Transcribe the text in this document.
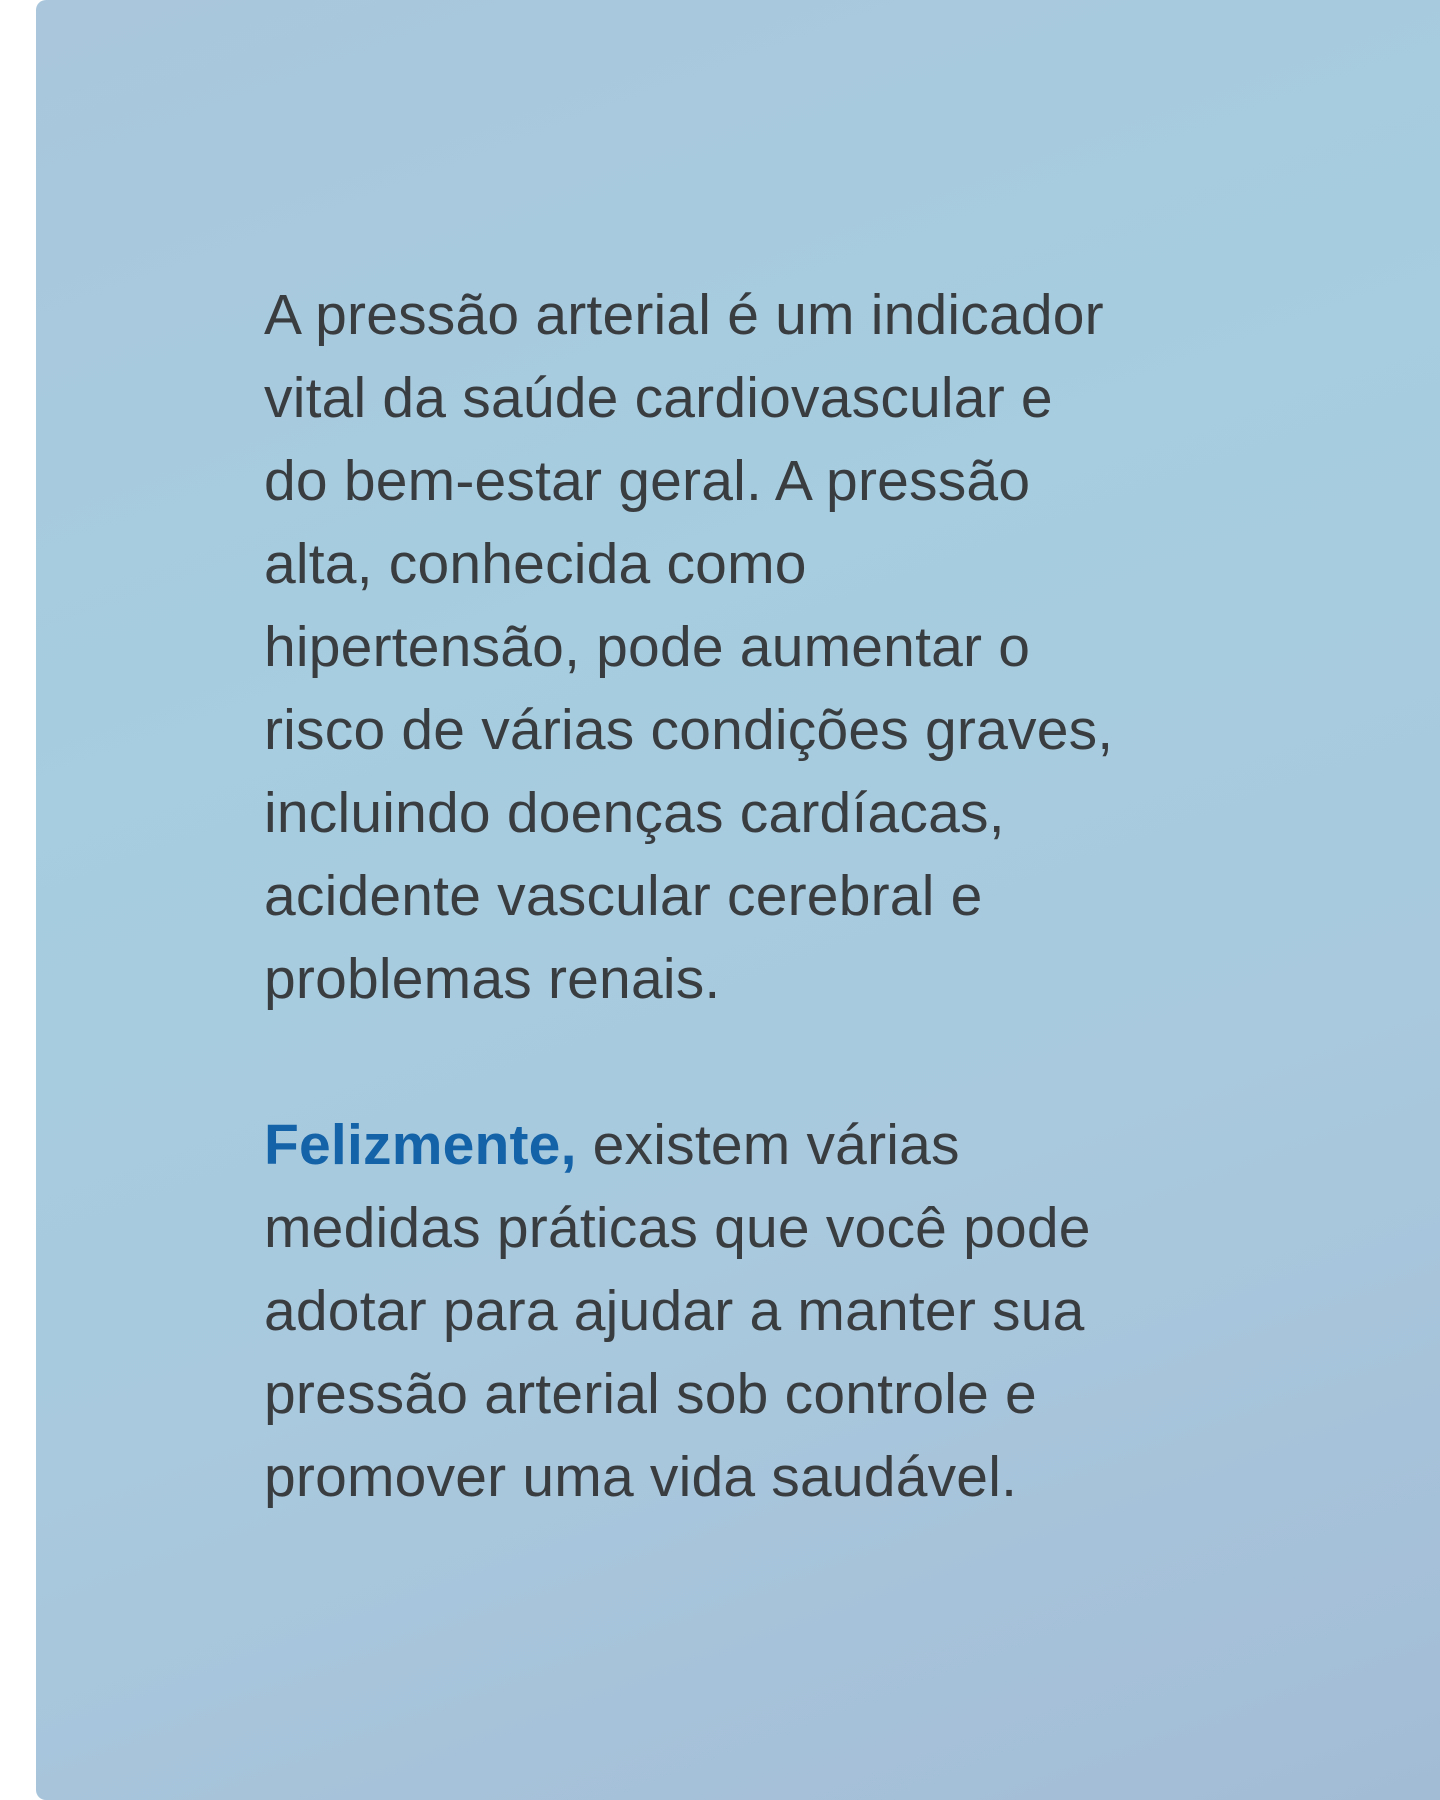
A pressão arterial é um indicador
vital da saúde cardiovascular e
do bem-estar geral. A pressão
alta, conhecida como
hipertensão, pode aumentar o
risco de várias condições graves,
incluindo doenças cardíacas,
acidente vascular cerebral e
problemas renais.
Felizmente, existem várias
medidas práticas que você pode
adotar para ajudar a manter sua
pressão arterial sob controle e
promover uma vida saudável.
